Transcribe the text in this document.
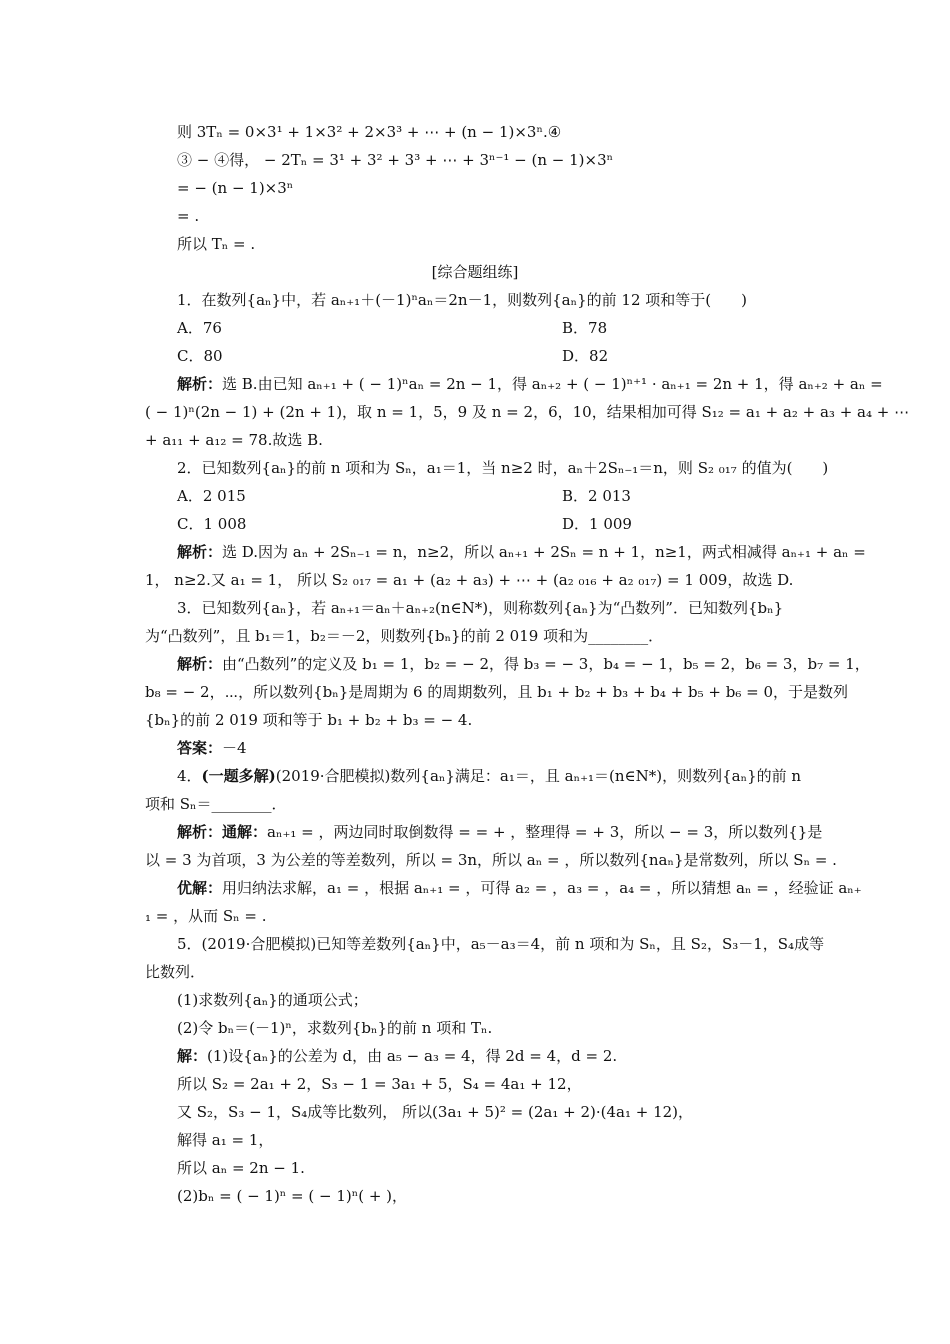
则 3Tₙ = 0×3¹ + 1×3² + 2×3³ + ⋯ + (n − 1)×3ⁿ.④
③ − ④得， − 2Tₙ = 3¹ + 3² + 3³ + ⋯ + 3ⁿ⁻¹ − (n − 1)×3ⁿ
= − (n − 1)×3ⁿ
= .
所以 Tₙ = .
[综合题组练]
1．在数列{aₙ}中，若 aₙ₊₁＋(－1)ⁿaₙ＝2n－1，则数列{aₙ}的前 12 项和等于(　　)
A．76	B．78
C．80	D．82
解析：选 B.由已知 aₙ₊₁ + ( − 1)ⁿaₙ = 2n − 1，得 aₙ₊₂ + ( − 1)ⁿ⁺¹ · aₙ₊₁ = 2n + 1，得 aₙ₊₂ + aₙ =
( − 1)ⁿ(2n − 1) + (2n + 1)，取 n = 1，5，9 及 n = 2，6，10，结果相加可得 S₁₂ = a₁ + a₂ + a₃ + a₄ + ⋯
+ a₁₁ + a₁₂ = 78.故选 B.
2．已知数列{aₙ}的前 n 项和为 Sₙ，a₁＝1，当 n≥2 时，aₙ＋2Sₙ₋₁＝n，则 S₂ ₀₁₇ 的值为(　　)
A．2 015	B．2 013
C．1 008	D．1 009
解析：选 D.因为 aₙ + 2Sₙ₋₁ = n，n≥2，所以 aₙ₊₁ + 2Sₙ = n + 1，n≥1，两式相减得 aₙ₊₁ + aₙ =
1， n≥2.又 a₁ = 1， 所以 S₂ ₀₁₇ = a₁ + (a₂ + a₃) + ⋯ + (a₂ ₀₁₆ + a₂ ₀₁₇) = 1 009，故选 D.
3．已知数列{aₙ}，若 aₙ₊₁＝aₙ＋aₙ₊₂(n∈N*)，则称数列{aₙ}为“凸数列”．已知数列{bₙ}
为“凸数列”，且 b₁＝1，b₂＝－2，则数列{bₙ}的前 2 019 项和为________．
解析：由“凸数列”的定义及 b₁ = 1，b₂ = − 2，得 b₃ = − 3，b₄ = − 1，b₅ = 2，b₆ = 3，b₇ = 1，
b₈ = − 2，⋯，所以数列{bₙ}是周期为 6 的周期数列，且 b₁ + b₂ + b₃ + b₄ + b₅ + b₆ = 0，于是数列
{bₙ}的前 2 019 项和等于 b₁ + b₂ + b₃ = − 4.
答案：－4
4．(一题多解)(2019·合肥模拟)数列{aₙ}满足：a₁＝，且 aₙ₊₁＝(n∈N*)，则数列{aₙ}的前 n
项和 Sₙ＝________．
解析：通解：aₙ₊₁ = ，两边同时取倒数得 = = + ，整理得 = + 3，所以 − = 3，所以数列{}是
以 = 3 为首项，3 为公差的等差数列，所以 = 3n，所以 aₙ = ，所以数列{naₙ}是常数列，所以 Sₙ = .
优解：用归纳法求解，a₁ = ，根据 aₙ₊₁ = ，可得 a₂ = ，a₃ = ，a₄ = ，所以猜想 aₙ = ，经验证 aₙ₊
₁ = ，从而 Sₙ = .
5．(2019·合肥模拟)已知等差数列{aₙ}中，a₅－a₃＝4，前 n 项和为 Sₙ，且 S₂，S₃－1，S₄成等
比数列．
(1)求数列{aₙ}的通项公式；
(2)令 bₙ＝(－1)ⁿ，求数列{bₙ}的前 n 项和 Tₙ.
解：(1)设{aₙ}的公差为 d，由 a₅ − a₃ = 4，得 2d = 4，d = 2.
所以 S₂ = 2a₁ + 2，S₃ − 1 = 3a₁ + 5，S₄ = 4a₁ + 12，
又 S₂，S₃ − 1，S₄成等比数列， 所以(3a₁ + 5)² = (2a₁ + 2)·(4a₁ + 12)，
解得 a₁ = 1，
所以 aₙ = 2n − 1.
(2)bₙ = ( − 1)ⁿ = ( − 1)ⁿ( + )，
